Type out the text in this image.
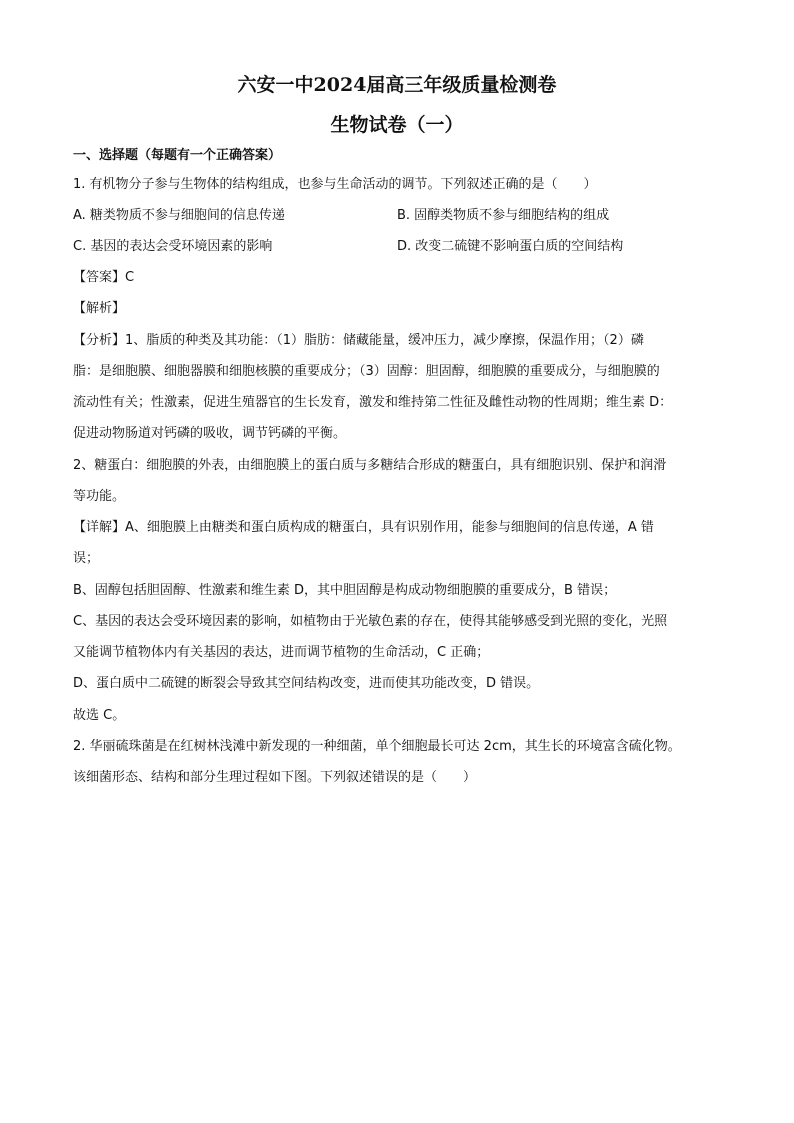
六安一中2024届高三年级质量检测卷
生物试卷（一）
一、选择题（每题有一个正确答案）
1. 有机物分子参与生物体的结构组成，也参与生命活动的调节。下列叙述正确的是（　　）
A. 糖类物质不参与细胞间的信息传递	B. 固醇类物质不参与细胞结构的组成
C. 基因的表达会受环境因素的影响	D. 改变二硫键不影响蛋白质的空间结构
【答案】C
【解析】
【分析】1、脂质的种类及其功能：（1）脂肪：储藏能量，缓冲压力，减少摩擦，保温作用；（2）磷
脂：是细胞膜、细胞器膜和细胞核膜的重要成分；（3）固醇：胆固醇，细胞膜的重要成分，与细胞膜的
流动性有关；性激素，促进生殖器官的生长发育，激发和维持第二性征及雌性动物的性周期；维生素 D：
促进动物肠道对钙磷的吸收，调节钙磷的平衡。
2、糖蛋白：细胞膜的外表，由细胞膜上的蛋白质与多糖结合形成的糖蛋白，具有细胞识别、保护和润滑
等功能。
【详解】A、细胞膜上由糖类和蛋白质构成的糖蛋白，具有识别作用，能参与细胞间的信息传递，A 错
误；
B、固醇包括胆固醇、性激素和维生素 D，其中胆固醇是构成动物细胞膜的重要成分，B 错误；
C、基因的表达会受环境因素的影响，如植物由于光敏色素的存在，使得其能够感受到光照的变化，光照
又能调节植物体内有关基因的表达，进而调节植物的生命活动，C 正确；
D、蛋白质中二硫键的断裂会导致其空间结构改变，进而使其功能改变，D 错误。
故选 C。
2. 华丽硫珠菌是在红树林浅滩中新发现的一种细菌，单个细胞最长可达 2cm，其生长的环境富含硫化物。
该细菌形态、结构和部分生理过程如下图。下列叙述错误的是（　　）
